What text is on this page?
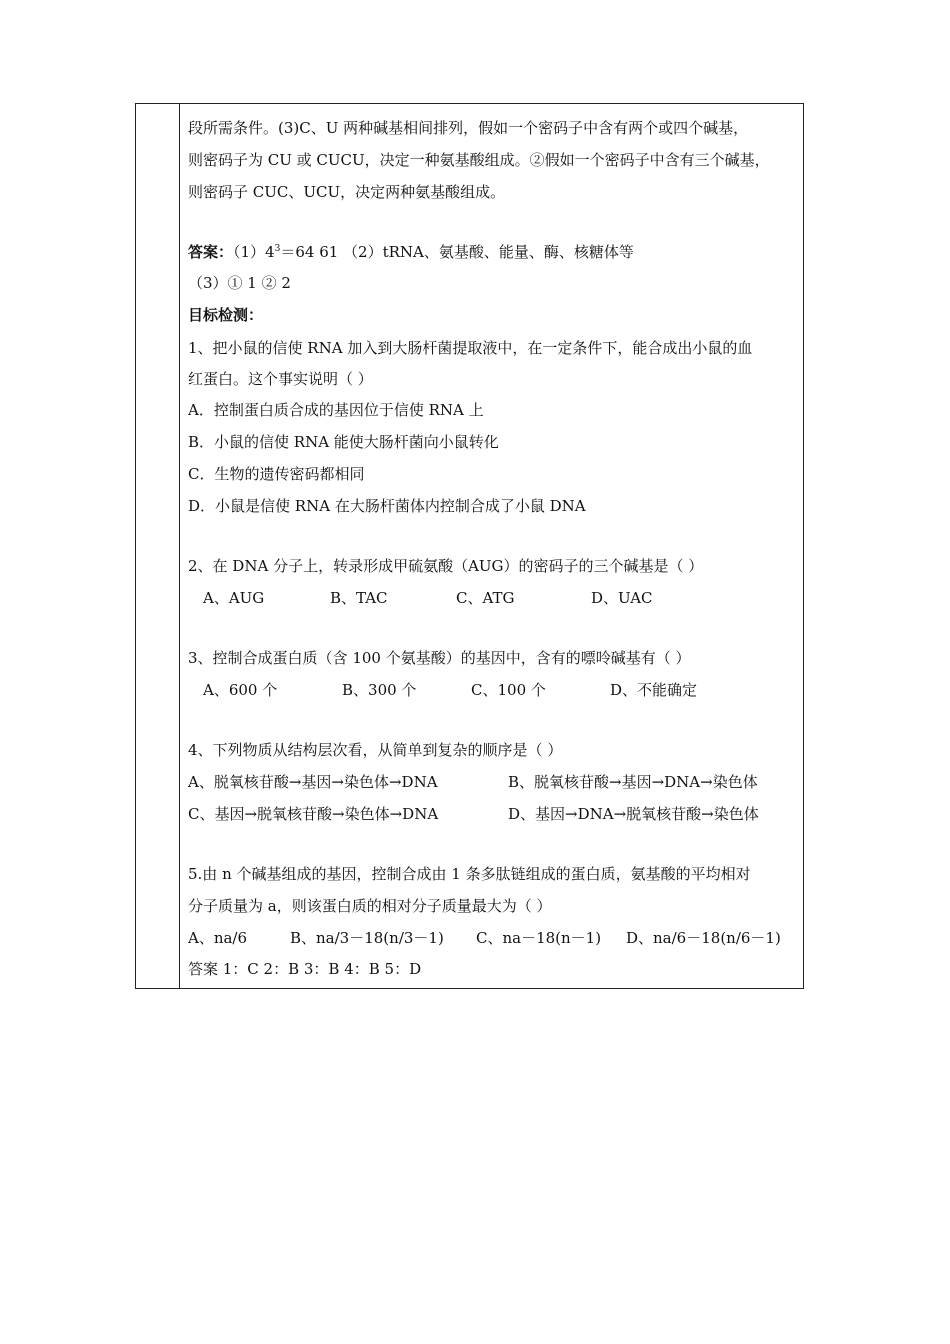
段所需条件。(3)C、U 两种碱基相间排列，假如一个密码子中含有两个或四个碱基，
则密码子为 CU 或 CUCU，决定一种氨基酸组成。②假如一个密码子中含有三个碱基，
则密码子 CUC、UCU，决定两种氨基酸组成。
答案：$(1)4^3=64$ 61 （2）tRNA、氨基酸、能量、酶、核糖体等
（3）① 1 ② 2
目标检测：
1、把小鼠的信使 RNA 加入到大肠杆菌提取液中，在一定条件下，能合成出小鼠的血
红蛋白。这个事实说明（ ）
A．控制蛋白质合成的基因位于信使 RNA 上
B．小鼠的信使 RNA 能使大肠杆菌向小鼠转化
C．生物的遗传密码都相同
D．小鼠是信使 RNA 在大肠杆菌体内控制合成了小鼠 DNA
2、在 DNA 分子上，转录形成甲硫氨酸（AUG）的密码子的三个碱基是（ ）
A、AUG	B、TAC	C、ATG	D、UAC
3、控制合成蛋白质（含 100 个氨基酸）的基因中，含有的嘌呤碱基有（ ）
A、600 个	B、300 个	C、100 个	D、不能确定
4、下列物质从结构层次看，从简单到复杂的顺序是（ ）
A、脱氧核苷酸→基因→染色体→DNA	B、脱氧核苷酸→基因→DNA→染色体
C、基因→脱氧核苷酸→染色体→DNA	D、基因→DNA→脱氧核苷酸→染色体
5.由 n 个碱基组成的基因，控制合成由 1 条多肽链组成的蛋白质，氨基酸的平均相对
分子质量为 a，则该蛋白质的相对分子质量最大为（ ）
A、na/6	B、na/3－18(n/3－1) C、na－18(n－1) D、na/6－18(n/6－1)
答案 1：C 2：B 3：B 4：B 5：D
